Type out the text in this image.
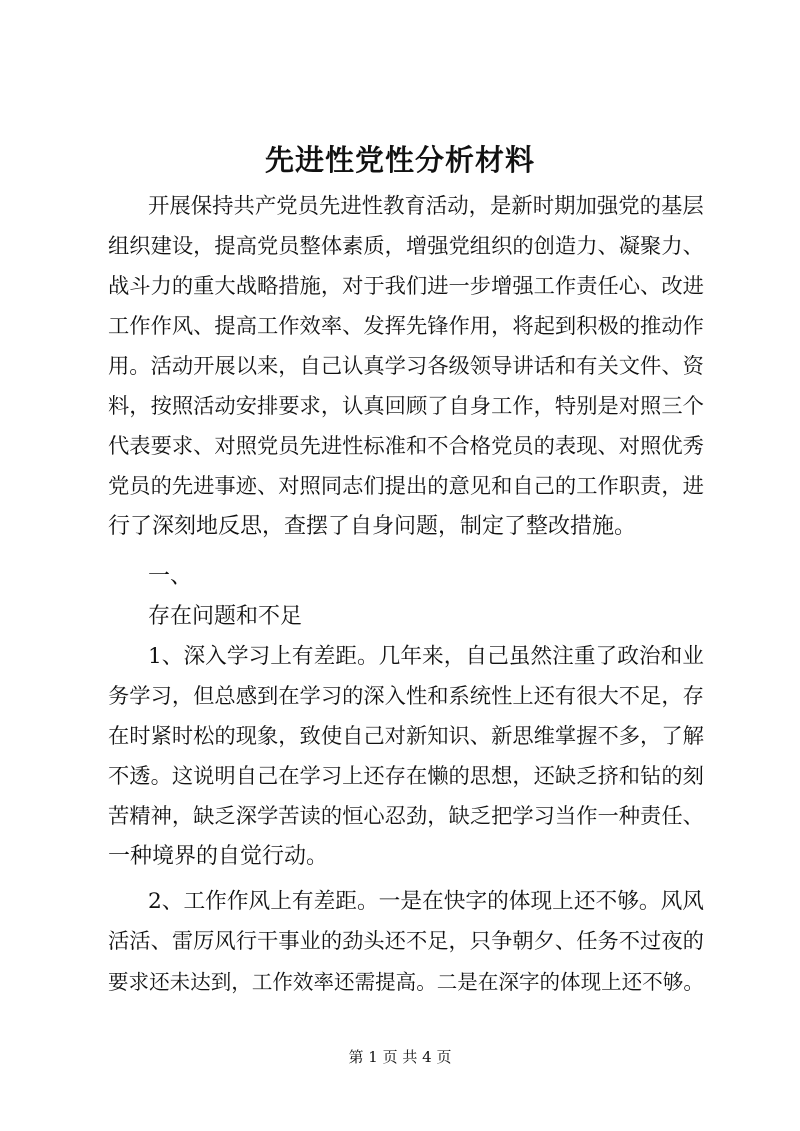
先进性党性分析材料
开展保持共产党员先进性教育活动，是新时期加强党的基层
组织建设，提高党员整体素质，增强党组织的创造力、凝聚力、
战斗力的重大战略措施，对于我们进一步增强工作责任心、改进
工作作风、提高工作效率、发挥先锋作用，将起到积极的推动作
用。活动开展以来，自己认真学习各级领导讲话和有关文件、资
料，按照活动安排要求，认真回顾了自身工作，特别是对照三个
代表要求、对照党员先进性标准和不合格党员的表现、对照优秀
党员的先进事迹、对照同志们提出的意见和自己的工作职责，进
行了深刻地反思，查摆了自身问题，制定了整改措施。
一、
存在问题和不足
1、深入学习上有差距。几年来，自己虽然注重了政治和业
务学习，但总感到在学习的深入性和系统性上还有很大不足，存
在时紧时松的现象，致使自己对新知识、新思维掌握不多，了解
不透。这说明自己在学习上还存在懒的思想，还缺乏挤和钻的刻
苦精神，缺乏深学苦读的恒心忍劲，缺乏把学习当作一种责任、
一种境界的自觉行动。
2、工作作风上有差距。一是在快字的体现上还不够。风风
活活、雷厉风行干事业的劲头还不足，只争朝夕、任务不过夜的
要求还未达到，工作效率还需提高。二是在深字的体现上还不够。
第 1 页 共 4 页
